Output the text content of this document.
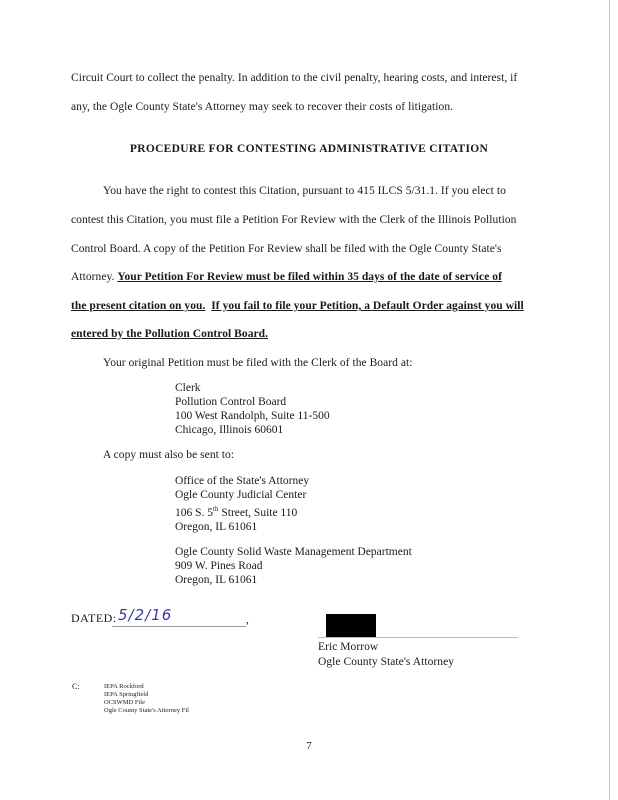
Circuit Court to collect the penalty. In addition to the civil penalty, hearing costs, and interest, if
any, the Ogle County State's Attorney may seek to recover their costs of litigation.
PROCEDURE FOR CONTESTING ADMINISTRATIVE CITATION
You have the right to contest this Citation, pursuant to 415 ILCS 5/31.1. If you elect to
contest this Citation, you must file a Petition For Review with the Clerk of the Illinois Pollution
Control Board. A copy of the Petition For Review shall be filed with the Ogle County State's
Attorney. Your Petition For Review must be filed within 35 days of the date of service of
the present citation on you. If you fail to file your Petition, a Default Order against you will
entered by the Pollution Control Board.
Your original Petition must be filed with the Clerk of the Board at:
Clerk
Pollution Control Board
100 West Randolph, Suite 11-500
Chicago, Illinois 60601
A copy must also be sent to:
Office of the State's Attorney
Ogle County Judicial Center
106 S. 5th Street, Suite 110
Oregon, IL 61061
Ogle County Solid Waste Management Department
909 W. Pines Road
Oregon, IL 61061
DATED: 5/2/16	,
Eric Morrow
Ogle County State's Attorney
C:	IEPA Rockford
IEPA Springfield
OCSWMD File
Ogle County State's Attorney Fil
7
